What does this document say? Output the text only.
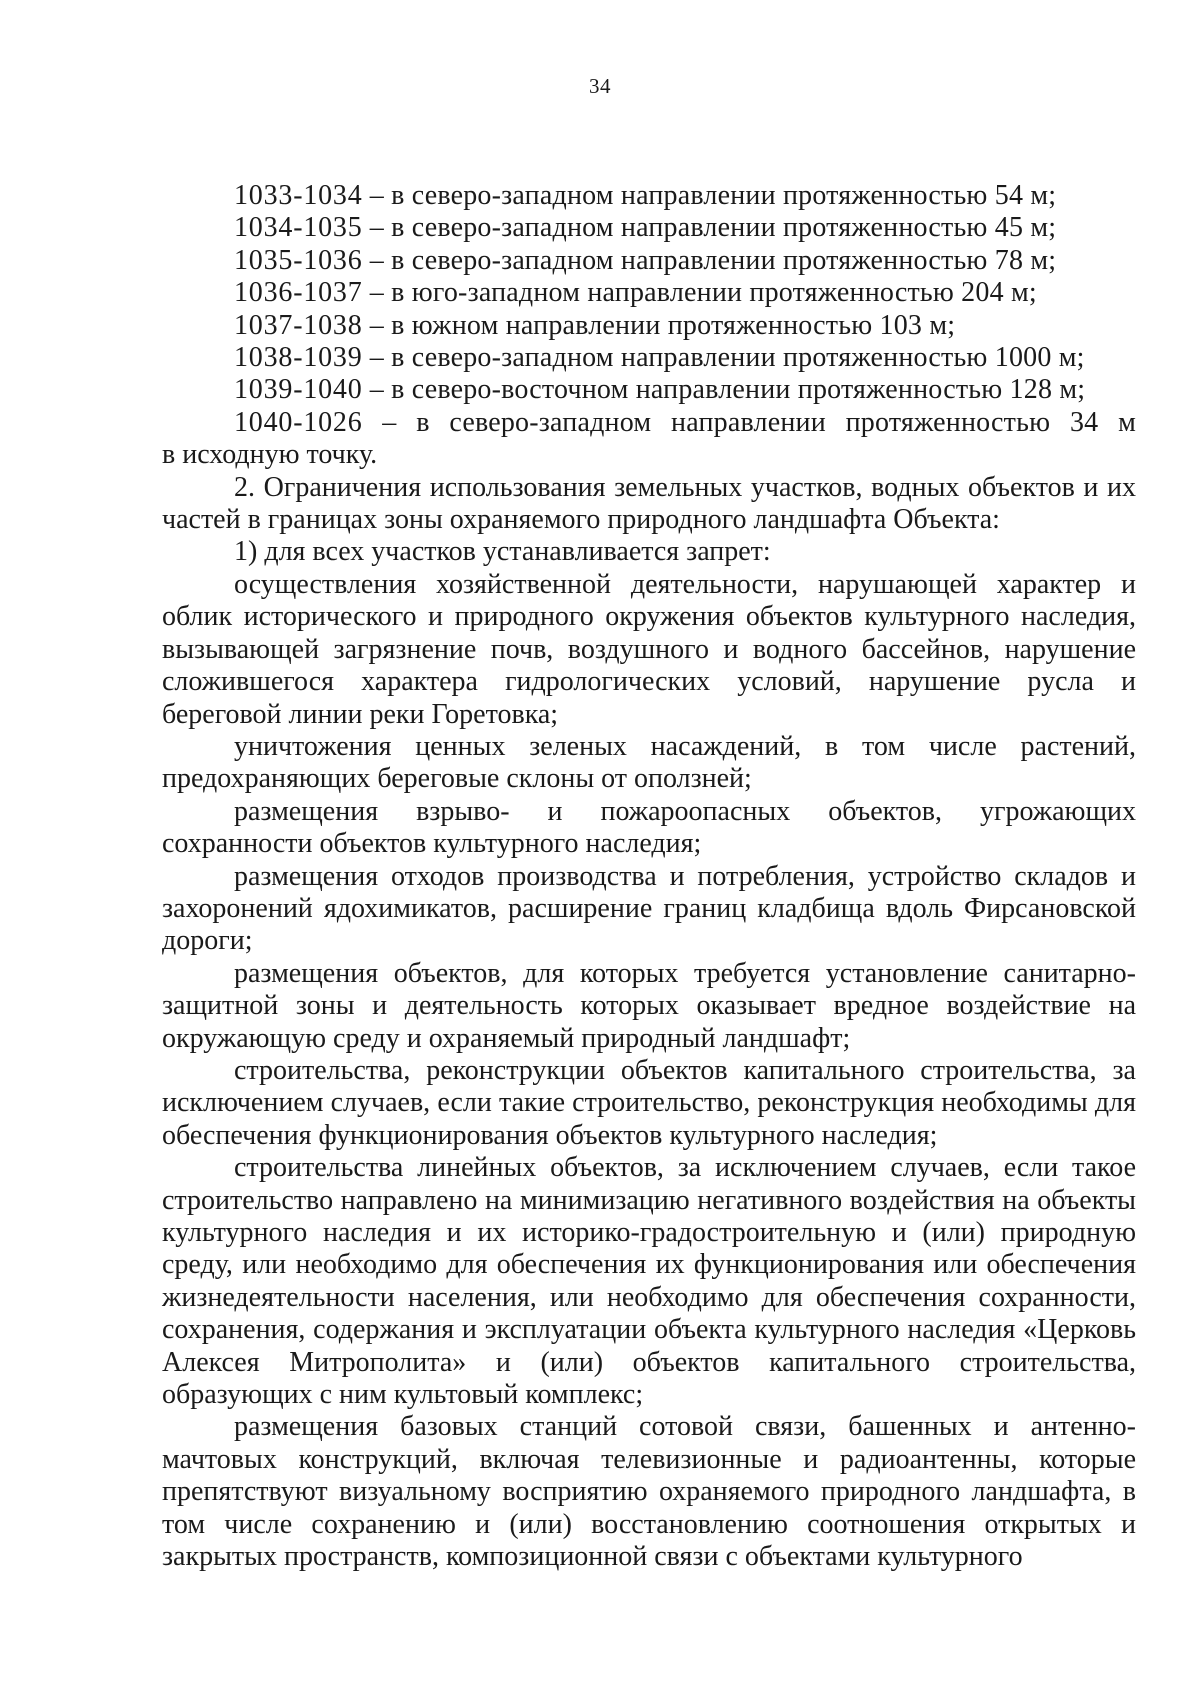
34

1033-1034 – в северо-западном направлении протяженностью 54 м;

1034-1035 – в северо-западном направлении протяженностью 45 м;

1035-1036 – в северо-западном направлении протяженностью 78 м;

1036-1037 – в юго-западном направлении протяженностью 204 м;

1037-1038 – в южном направлении протяженностью 103 м;

1038-1039 – в северо-западном направлении протяженностью 1000 м;

1039-1040 – в северо-восточном направлении протяженностью 128 м;

1040-1026 – в северо-западном направлении протяженностью 34 м

в исходную точку.

2. Ограничения использования земельных участков, водных объектов и их частей в границах зоны охраняемого природного ландшафта Объекта:

1) для всех участков устанавливается запрет:

осуществления хозяйственной деятельности, нарушающей характер и облик исторического и природного окружения объектов культурного наследия, вызывающей загрязнение почв, воздушного и водного бассейнов, нарушение сложившегося характера гидрологических условий, нарушение русла и береговой линии реки Горетовка;

уничтожения ценных зеленых насаждений, в том числе растений, предохраняющих береговые склоны от оползней;

размещения взрыво- и пожароопасных объектов, угрожающих сохранности объектов культурного наследия;

размещения отходов производства и потребления, устройство складов и захоронений ядохимикатов, расширение границ кладбища вдоль Фирсановской дороги;

размещения объектов, для которых требуется установление санитарно-защитной зоны и деятельность которых оказывает вредное воздействие на окружающую среду и охраняемый природный ландшафт;

строительства, реконструкции объектов капитального строительства, за исключением случаев, если такие строительство, реконструкция необходимы для обеспечения функционирования объектов культурного наследия;

строительства линейных объектов, за исключением случаев, если такое строительство направлено на минимизацию негативного воздействия на объекты культурного наследия и их историко-градостроительную и (или) природную среду, или необходимо для обеспечения их функционирования или обеспечения жизнедеятельности населения, или необходимо для обеспечения сохранности, сохранения, содержания и эксплуатации объекта культурного наследия «Церковь Алексея Митрополита» и (или) объектов капитального строительства, образующих с ним культовый комплекс;

размещения базовых станций сотовой связи, башенных и антенно-мачтовых конструкций, включая телевизионные и радиоантенны, которые препятствуют визуальному восприятию охраняемого природного ландшафта, в том числе сохранению и (или) восстановлению соотношения открытых и закрытых пространств, композиционной связи с объектами культурного
